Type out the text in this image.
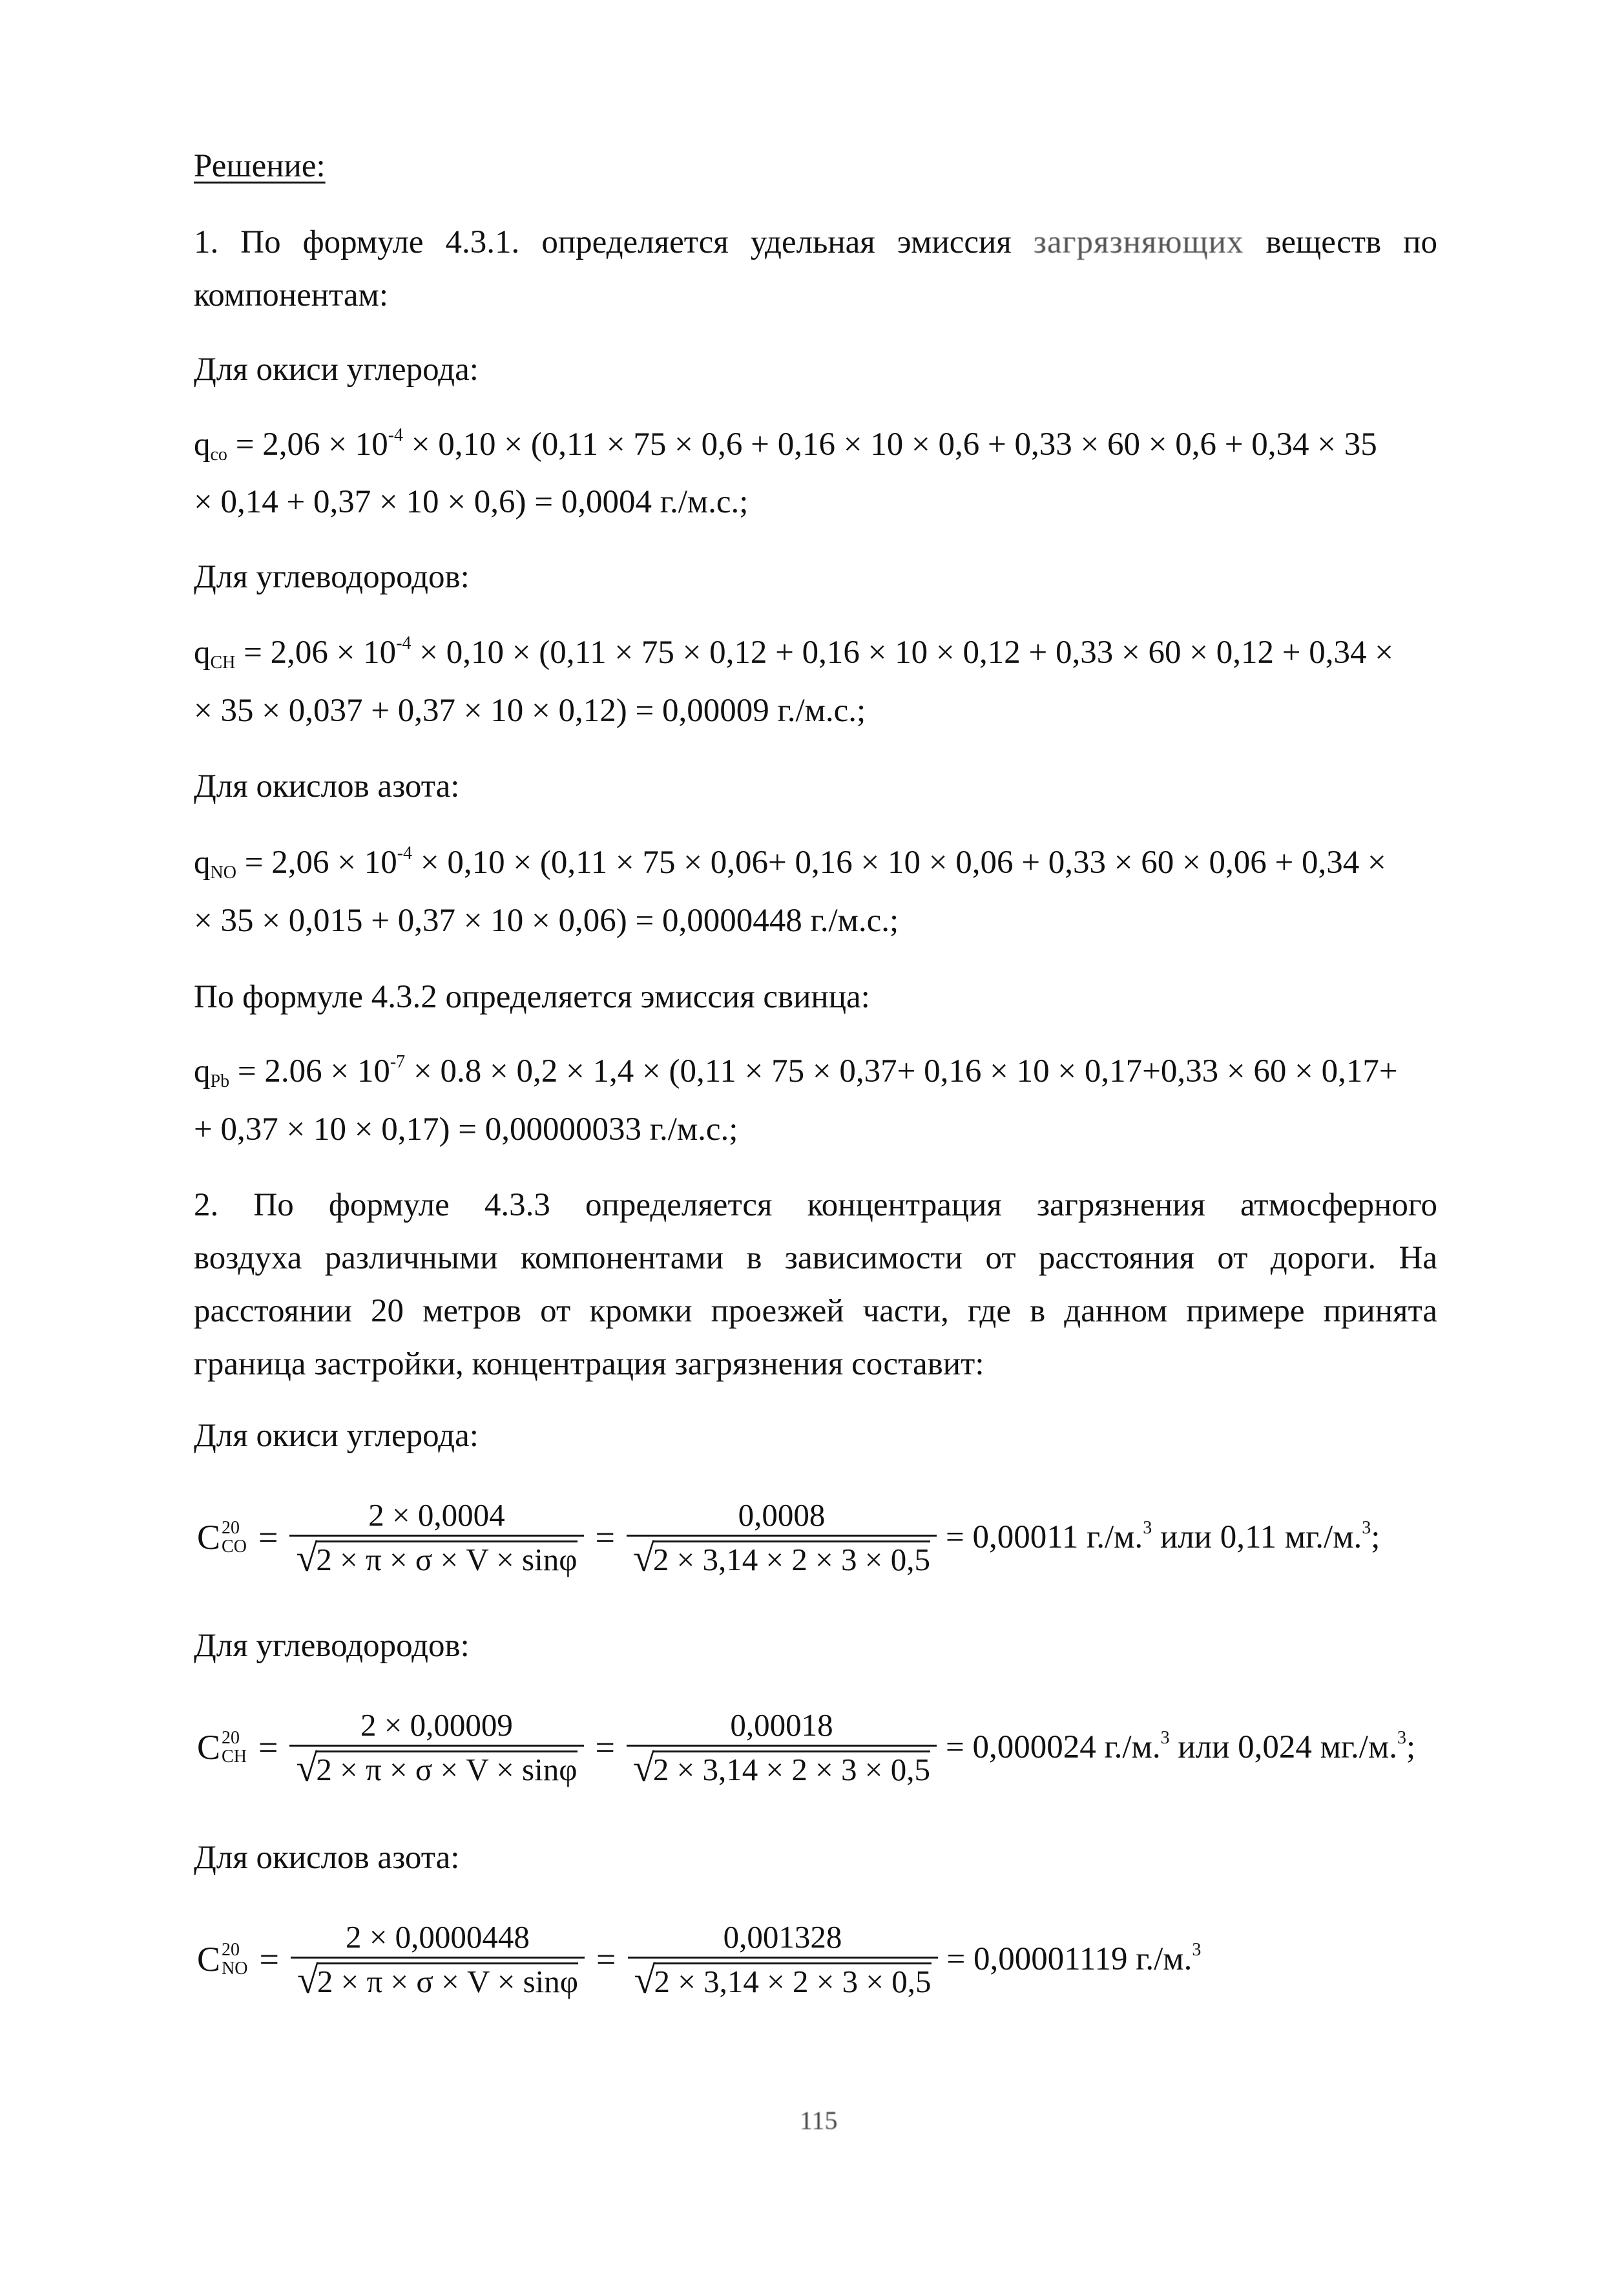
Решение:
1. По формуле 4.3.1. определяется удельная эмиссия загрязняющих веществ по
компонентам:
Для окиси углерода:
qco = $2,06 \times 10^{-4} \times 0,10 \times (0,11 \times 75 \times 0,6 + 0,16 \times 10 \times 0,6 + 0,33 \times 60 \times 0,6 + 0,34 \times 35$
× 0,14 + 0,37 × 10 × 0,6) = 0,0004 г./м.с.;
Для углеводородов:
qCH = $2,06 \times 10^{-4} \times 0,10 \times (0,11 \times 75 \times 0,12 + 0,16 \times 10 \times 0,12 + 0,33 \times 60 \times 0,12 + 0,34$ ×
× 35 × 0,037 + 0,37 × 10 × 0,12) = 0,00009 г./м.с.;
Для окислов азота:
qNO = $2,06 \times 10^{-4} \times 0,10 \times (0,11 \times 75 \times 0,06+ 0,16 \times 10 \times 0,06 + 0,33 \times 60 \times 0,06 + 0,34$ ×
× 35 × 0,015 + 0,37 × 10 × 0,06) = 0,0000448 г./м.с.;
По формуле 4.3.2 определяется эмиссия свинца:
qPb = $2.06 \times 10^{-7} \times 0.8 \times 0,2 \times 1,4 \times (0,11 \times 75 \times 0,37+ 0,16 \times 10 \times 0,17+0,33 \times 60 \times 0,17+$
+ 0,37 × 10 × 0,17) = 0,00000033 г./м.с.;
2. По формуле 4.3.3 определяется концентрация загрязнения атмосферного
воздуха различными компонентами в зависимости от расстояния от дороги. На
расстоянии 20 метров от кромки проезжей части, где в данном примере принята
граница застройки, концентрация загрязнения составит:
Для окиси углерода:
C 20
CO = 2 × 0,0004
√
2 × π × σ × V × sinφ = 0,0008
√
2 × 3,14 × 2 × 3 × 0,5 = 0,00011 г./м.$^3$ или 0,11 мг./м.$^3$;
Для углеводородов:
C 20
CH = 2 × 0,00009
√
2 × π × σ × V × sinφ = 0,00018
√
2 × 3,14 × 2 × 3 × 0,5 = 0,000024 г./м.$^3$ или 0,024 мг./м.$^3$;
Для окислов азота:
C 20
NO = 2 × 0,0000448
√
2 × π × σ × V × sinφ = 0,001328
√
2 × 3,14 × 2 × 3 × 0,5 = 0,00001119 г./м.$^3$
115
